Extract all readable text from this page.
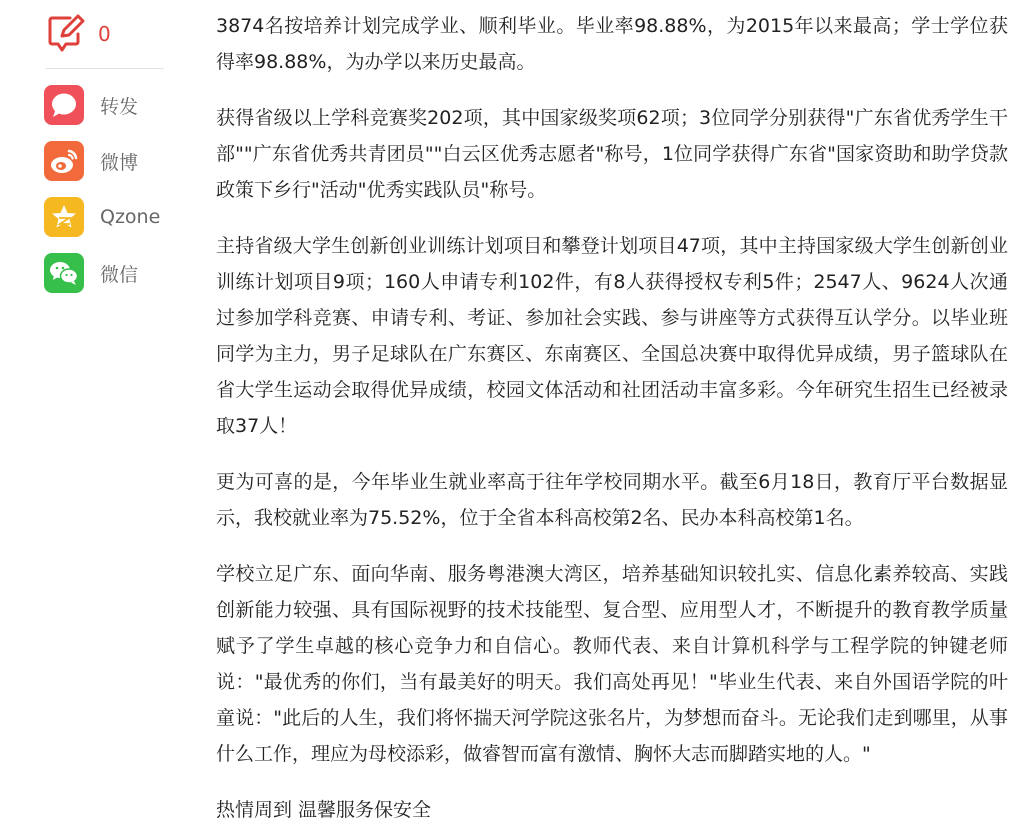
0
转发
微博
Qzone
微信

3874名按培养计划完成学业、顺利毕业。毕业率98.88%，为2015年以来最高；学士学位获得率98.88%，为办学以来历史最高。

获得省级以上学科竞赛奖202项，其中国家级奖项62项；3位同学分别获得"广东省优秀学生干部""广东省优秀共青团员""白云区优秀志愿者"称号，1位同学获得广东省"国家资助和助学贷款政策下乡行"活动"优秀实践队员"称号。

主持省级大学生创新创业训练计划项目和攀登计划项目47项，其中主持国家级大学生创新创业训练计划项目9项；160人申请专利102件，有8人获得授权专利5件；2547人、9624人次通过参加学科竞赛、申请专利、考证、参加社会实践、参与讲座等方式获得互认学分。以毕业班同学为主力，男子足球队在广东赛区、东南赛区、全国总决赛中取得优异成绩，男子篮球队在省大学生运动会取得优异成绩，校园文体活动和社团活动丰富多彩。今年研究生招生已经被录取37人！

更为可喜的是，今年毕业生就业率高于往年学校同期水平。截至6月18日，教育厅平台数据显示，我校就业率为75.52%，位于全省本科高校第2名、民办本科高校第1名。

学校立足广东、面向华南、服务粤港澳大湾区，培养基础知识较扎实、信息化素养较高、实践创新能力较强、具有国际视野的技术技能型、复合型、应用型人才，不断提升的教育教学质量赋予了学生卓越的核心竞争力和自信心。教师代表、来自计算机科学与工程学院的钟键老师说："最优秀的你们，当有最美好的明天。我们高处再见！"毕业生代表、来自外国语学院的叶童说："此后的人生，我们将怀揣天河学院这张名片，为梦想而奋斗。无论我们走到哪里，从事什么工作，理应为母校添彩，做睿智而富有激情、胸怀大志而脚踏实地的人。"

热情周到 温馨服务保安全
